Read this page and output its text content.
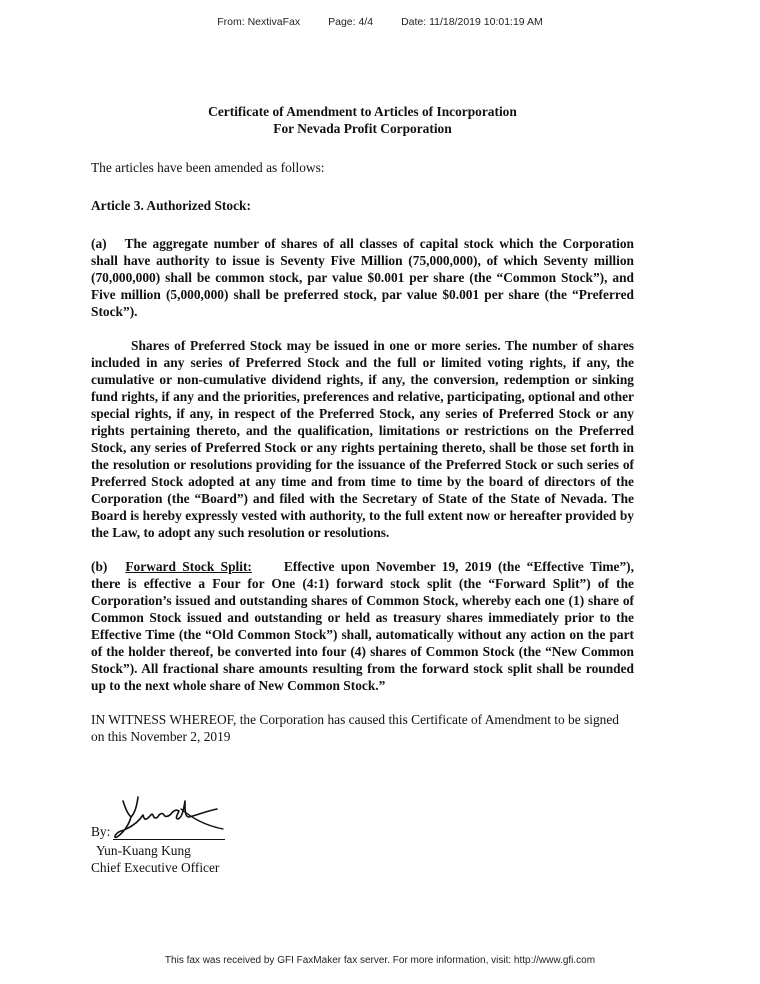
From: NextivaFax	Page: 4/4	Date: 11/18/2019 10:01:19 AM
Certificate of Amendment to Articles of Incorporation
For Nevada Profit Corporation
The articles have been amended as follows:
Article 3. Authorized Stock:
(a) The aggregate number of shares of all classes of capital stock which the Corporation shall have authority to issue is Seventy Five Million (75,000,000), of which Seventy million (70,000,000) shall be common stock, par value $0.001 per share (the “Common Stock”), and Five million (5,000,000) shall be preferred stock, par value $0.001 per share (the “Preferred Stock”).
Shares of Preferred Stock may be issued in one or more series. The number of shares included in any series of Preferred Stock and the full or limited voting rights, if any, the cumulative or non-cumulative dividend rights, if any, the conversion, redemption or sinking fund rights, if any and the priorities, preferences and relative, participating, optional and other special rights, if any, in respect of the Preferred Stock, any series of Preferred Stock or any rights pertaining thereto, and the qualification, limitations or restrictions on the Preferred Stock, any series of Preferred Stock or any rights pertaining thereto, shall be those set forth in the resolution or resolutions providing for the issuance of the Preferred Stock or such series of Preferred Stock adopted at any time and from time to time by the board of directors of the Corporation (the “Board”) and filed with the Secretary of State of the State of Nevada. The Board is hereby expressly vested with authority, to the full extent now or hereafter provided by the Law, to adopt any such resolution or resolutions.
(b) Forward Stock Split: Effective upon November 19, 2019 (the “Effective Time”), there is effective a Four for One (4:1) forward stock split (the “Forward Split”) of the Corporation’s issued and outstanding shares of Common Stock, whereby each one (1) share of Common Stock issued and outstanding or held as treasury shares immediately prior to the Effective Time (the “Old Common Stock”) shall, automatically without any action on the part of the holder thereof, be converted into four (4) shares of Common Stock (the “New Common Stock”). All fractional share amounts resulting from the forward stock split shall be rounded up to the next whole share of New Common Stock.”
IN WITNESS WHEREOF, the Corporation has caused this Certificate of Amendment to be signed on this November 2, 2019
By:
Yun-Kuang Kung
Chief Executive Officer
This fax was received by GFI FaxMaker fax server. For more information, visit: http://www.gfi.com
